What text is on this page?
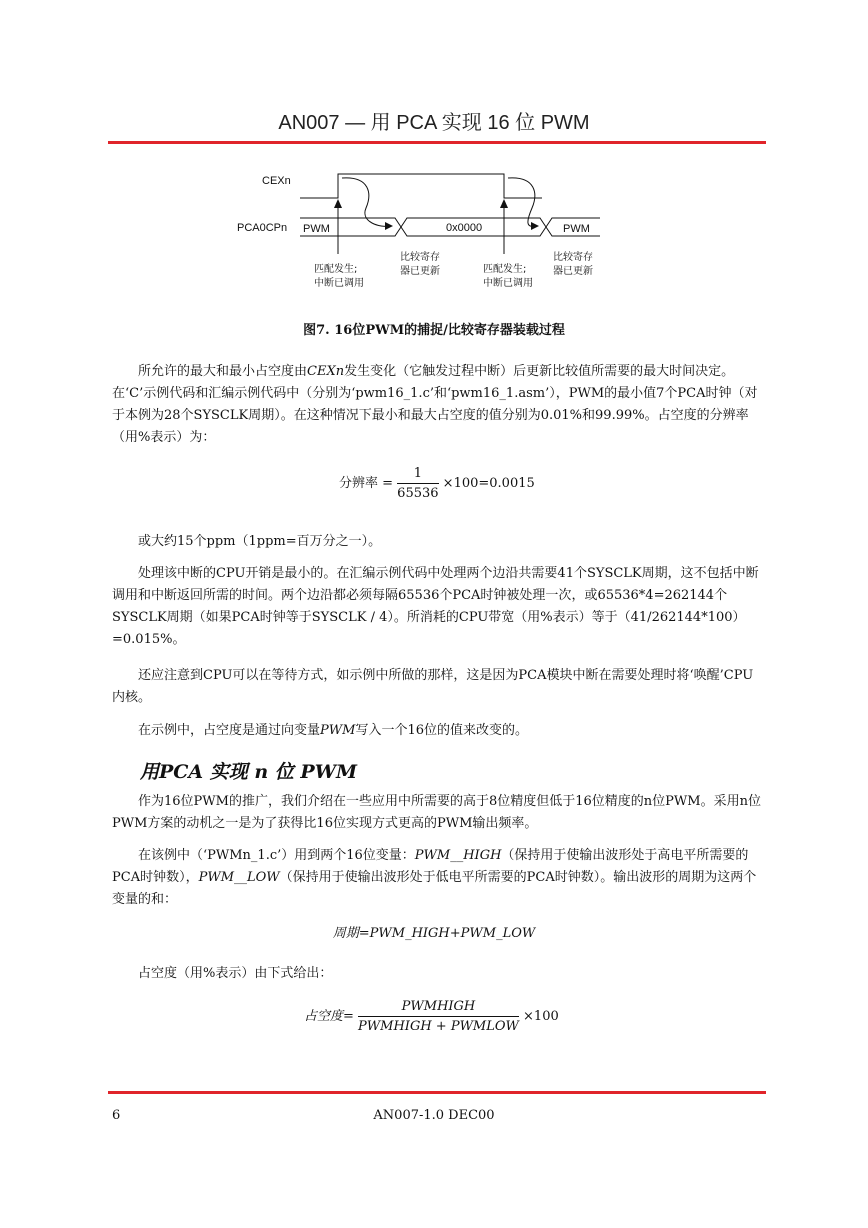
AN007 — 用 PCA 实现 16 位 PWM
CEXn
PCA0CPn PWM	0x0000	PWM
匹配发生;
中断已调用
比较寄存
器已更新	匹配发生;
中断已调用
比较寄存
器已更新
图7. 16位PWM的捕捉/比较寄存器装载过程
所允许的最大和最小占空度由CEXn发生变化（它触发过程中断）后更新比较值所需要的最大时间决定。在‘C’示例代码和汇编示例代码中（分别为‘pwm16_1.c’和‘pwm16_1.asm’），PWM的最小值7个PCA时钟（对于本例为28个SYSCLK周期）。在这种情况下最小和最大占空度的值分别为0.01%和99.99%。占空度的分辨率（用%表示）为：
分辨率 = $\frac{1}{65536} \times 100=0.0015$
或大约15个ppm（1ppm=百万分之一）。
处理该中断的CPU开销是最小的。在汇编示例代码中处理两个边沿共需要41个SYSCLK周期，这不包括中断调用和中断返回所需的时间。两个边沿都必须每隔65536个PCA时钟被处理一次，或65536*4=262144个SYSCLK周期（如果PCA时钟等于SYSCLK / 4）。所消耗的CPU带宽（用%表示）等于（41/262144*100）=0.015%。
还应注意到CPU可以在等待方式，如示例中所做的那样，这是因为PCA模块中断在需要处理时将‘唤醒’CPU内核。
在示例中，占空度是通过向变量PWM写入一个16位的值来改变的。
用PCA 实现 n 位 PWM
作为16位PWM的推广，我们介绍在一些应用中所需要的高于8位精度但低于16位精度的n位PWM。采用n位PWM方案的动机之一是为了获得比16位实现方式更高的PWM输出频率。
在该例中（‘PWMn_1.c’）用到两个16位变量：PWM__HIGH（保持用于使输出波形处于高电平所需要的PCA时钟数），PWM__LOW（保持用于使输出波形处于低电平所需要的PCA时钟数）。输出波形的周期为这两个变量的和：
周期=PWM_HIGH+PWM_LOW
占空度（用%表示）由下式给出：
占空度= $\frac{\text{PWMHIGH}}{\text{PWMHIGH + PWMLOW}} \times 100$
6	AN007-1.0 DEC00
